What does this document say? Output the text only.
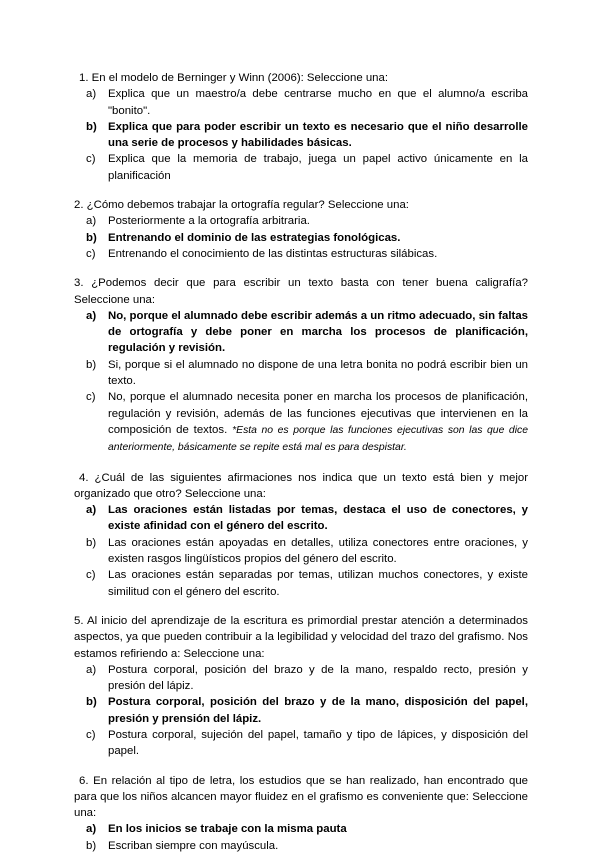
1. En el modelo de Berninger y Winn (2006): Seleccione una:
a) Explica que un maestro/a debe centrarse mucho en que el alumno/a escriba "bonito".
b) Explica que para poder escribir un texto es necesario que el niño desarrolle una serie de procesos y habilidades básicas.
c) Explica que la memoria de trabajo, juega un papel activo únicamente en la planificación
2. ¿Cómo debemos trabajar la ortografía regular? Seleccione una:
a) Posteriormente a la ortografía arbitraria.
b) Entrenando el dominio de las estrategias fonológicas.
c) Entrenando el conocimiento de las distintas estructuras silábicas.
3. ¿Podemos decir que para escribir un texto basta con tener buena caligrafía? Seleccione una:
a) No, porque el alumnado debe escribir además a un ritmo adecuado, sin faltas de ortografía y debe poner en marcha los procesos de planificación, regulación y revisión.
b) Si, porque si el alumnado no dispone de una letra bonita no podrá escribir bien un texto.
c) No, porque el alumnado necesita poner en marcha los procesos de planificación, regulación y revisión, además de las funciones ejecutivas que intervienen en la composición de textos. *Esta no es porque las funciones ejecutivas son las que dice anteriormente, básicamente se repite está mal es para despistar.
4. ¿Cuál de las siguientes afirmaciones nos indica que un texto está bien y mejor organizado que otro? Seleccione una:
a) Las oraciones están listadas por temas, destaca el uso de conectores, y existe afinidad con el género del escrito.
b) Las oraciones están apoyadas en detalles, utiliza conectores entre oraciones, y existen rasgos lingüísticos propios del género del escrito.
c) Las oraciones están separadas por temas, utilizan muchos conectores, y existe similitud con el género del escrito.
5. Al inicio del aprendizaje de la escritura es primordial prestar atención a determinados aspectos, ya que pueden contribuir a la legibilidad y velocidad del trazo del grafismo. Nos estamos refiriendo a: Seleccione una:
a) Postura corporal, posición del brazo y de la mano, respaldo recto, presión y presión del lápiz.
b) Postura corporal, posición del brazo y de la mano, disposición del papel, presión y prensión del lápiz.
c) Postura corporal, sujeción del papel, tamaño y tipo de lápices, y disposición del papel.
6. En relación al tipo de letra, los estudios que se han realizado, han encontrado que para que los niños alcancen mayor fluidez en el grafismo es conveniente que: Seleccione una:
a) En los inicios se trabaje con la misma pauta
b) Escriban siempre con mayúscula.
